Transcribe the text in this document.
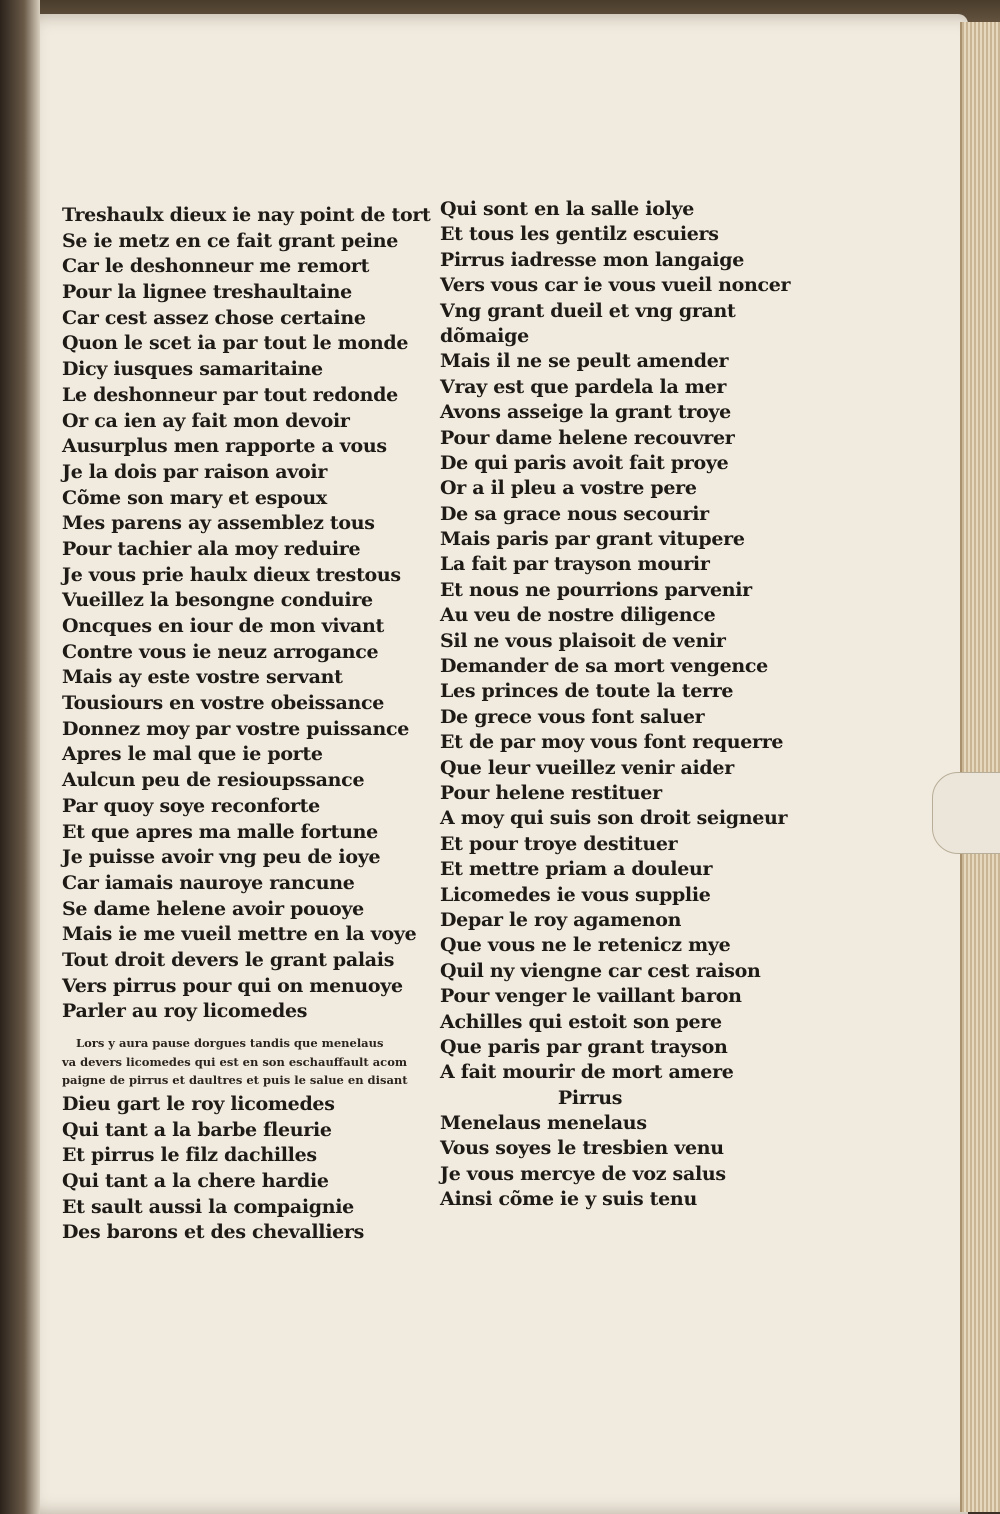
Treshaulx dieux ie nay point de tort
Se ie metz en ce fait grant peine
Car le deshonneur me remort
Pour la lignee treshaultaine
Car cest assez chose certaine
Quon le scet ia par tout le monde
Dicy iusques samaritaine
Le deshonneur par tout redonde
Or ca ien ay fait mon devoir
Ausurplus men rapporte a vous
Je la dois par raison avoir
Cõme son mary et espoux
Mes parens ay assemblez tous
Pour tachier ala moy reduire
Je vous prie haulx dieux trestous
Vueillez la besongne conduire
Oncques en iour de mon vivant
Contre vous ie neuz arrogance
Mais ay este vostre servant
Tousiours en vostre obeissance
Donnez moy par vostre puissance
Apres le mal que ie porte
Aulcun peu de resioupssance
Par quoy soye reconforte
Et que apres ma malle fortune
Je puisse avoir vng peu de ioye
Car iamais nauroye rancune
Se dame helene avoir pouoye
Mais ie me vueil mettre en la voye
Tout droit devers le grant palais
Vers pirrus pour qui on menuoye
Parler au roy licomedes
Lors y aura pause dorgues tandis que menelaus
va devers licomedes qui est en son eschauffault acom
paigne de pirrus et daultres et puis le salue en disant
Dieu gart le roy licomedes
Qui tant a la barbe fleurie
Et pirrus le filz dachilles
Qui tant a la chere hardie
Et sault aussi la compaignie
Des barons et des chevalliers
Qui sont en la salle iolye
Et tous les gentilz escuiers
Pirrus iadresse mon langaige
Vers vous car ie vous vueil noncer
Vng grant dueil et vng grant
dõmaige
Mais il ne se peult amender
Vray est que pardela la mer
Avons asseige la grant troye
Pour dame helene recouvrer
De qui paris avoit fait proye
Or a il pleu a vostre pere
De sa grace nous secourir
Mais paris par grant vitupere
La fait par trayson mourir
Et nous ne pourrions parvenir
Au veu de nostre diligence
Sil ne vous plaisoit de venir
Demander de sa mort vengence
Les princes de toute la terre
De grece vous font saluer
Et de par moy vous font requerre
Que leur vueillez venir aider
Pour helene restituer
A moy qui suis son droit seigneur
Et pour troye destituer
Et mettre priam a douleur
Licomedes ie vous supplie
Depar le roy agamenon
Que vous ne le retenicz mye
Quil ny viengne car cest raison
Pour venger le vaillant baron
Achilles qui estoit son pere
Que paris par grant trayson
A fait mourir de mort amere
Pirrus
Menelaus menelaus
Vous soyes le tresbien venu
Je vous mercye de voz salus
Ainsi cõme ie y suis tenu
